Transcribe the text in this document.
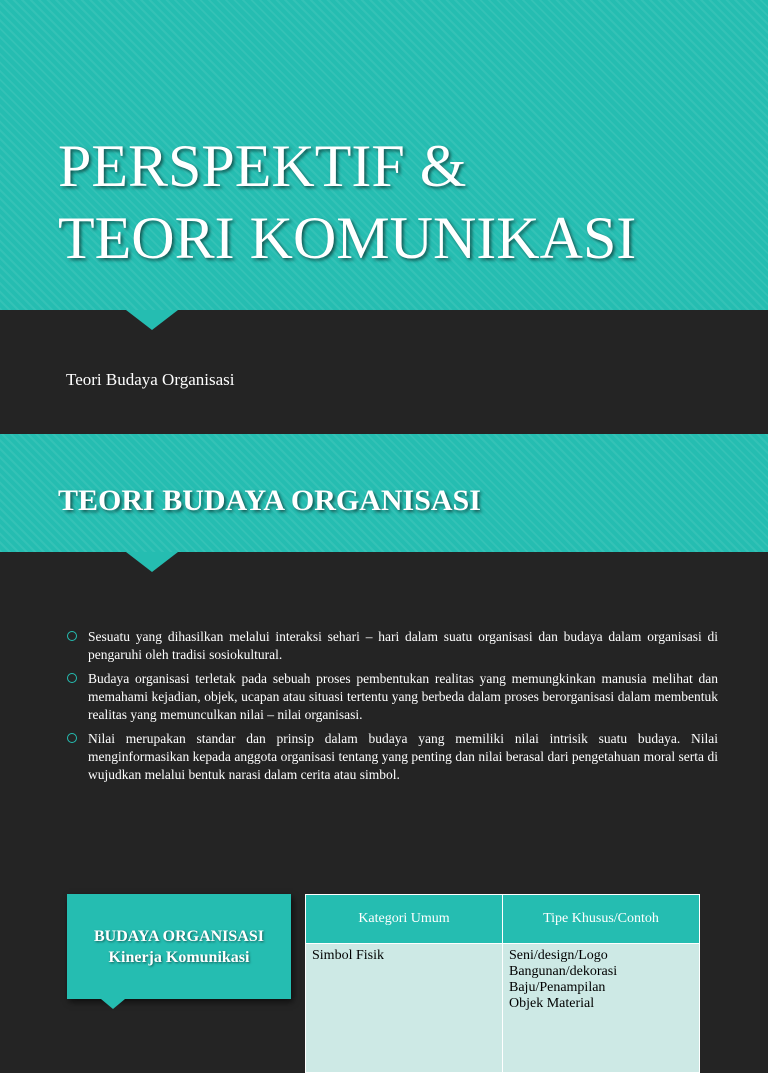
PERSPEKTIF &
TEORI KOMUNIKASI

Teori Budaya Organisasi

TEORI BUDAYA ORGANISASI
Sesuatu yang dihasilkan melalui interaksi sehari – hari dalam suatu organisasi dan budaya dalam organisasi di pengaruhi oleh tradisi sosiokultural.
Budaya organisasi terletak pada sebuah proses pembentukan realitas yang memungkinkan manusia melihat dan memahami kejadian, objek, ucapan atau situasi tertentu yang berbeda dalam proses berorganisasi dalam membentuk realitas yang memunculkan nilai – nilai organisasi.
Nilai merupakan standar dan prinsip dalam budaya yang memiliki nilai intrisik suatu budaya. Nilai menginformasikan kepada anggota organisasi tentang yang penting dan nilai berasal dari pengetahuan moral serta di wujudkan melalui bentuk narasi dalam cerita atau simbol.
BUDAYA ORGANISASI
Kinerja Komunikasi
Kategori Umum	Tipe Khusus/Contoh
Simbol Fisik	Seni/design/Logo
Bangunan/dekorasi
Baju/Penampilan
Objek Material
